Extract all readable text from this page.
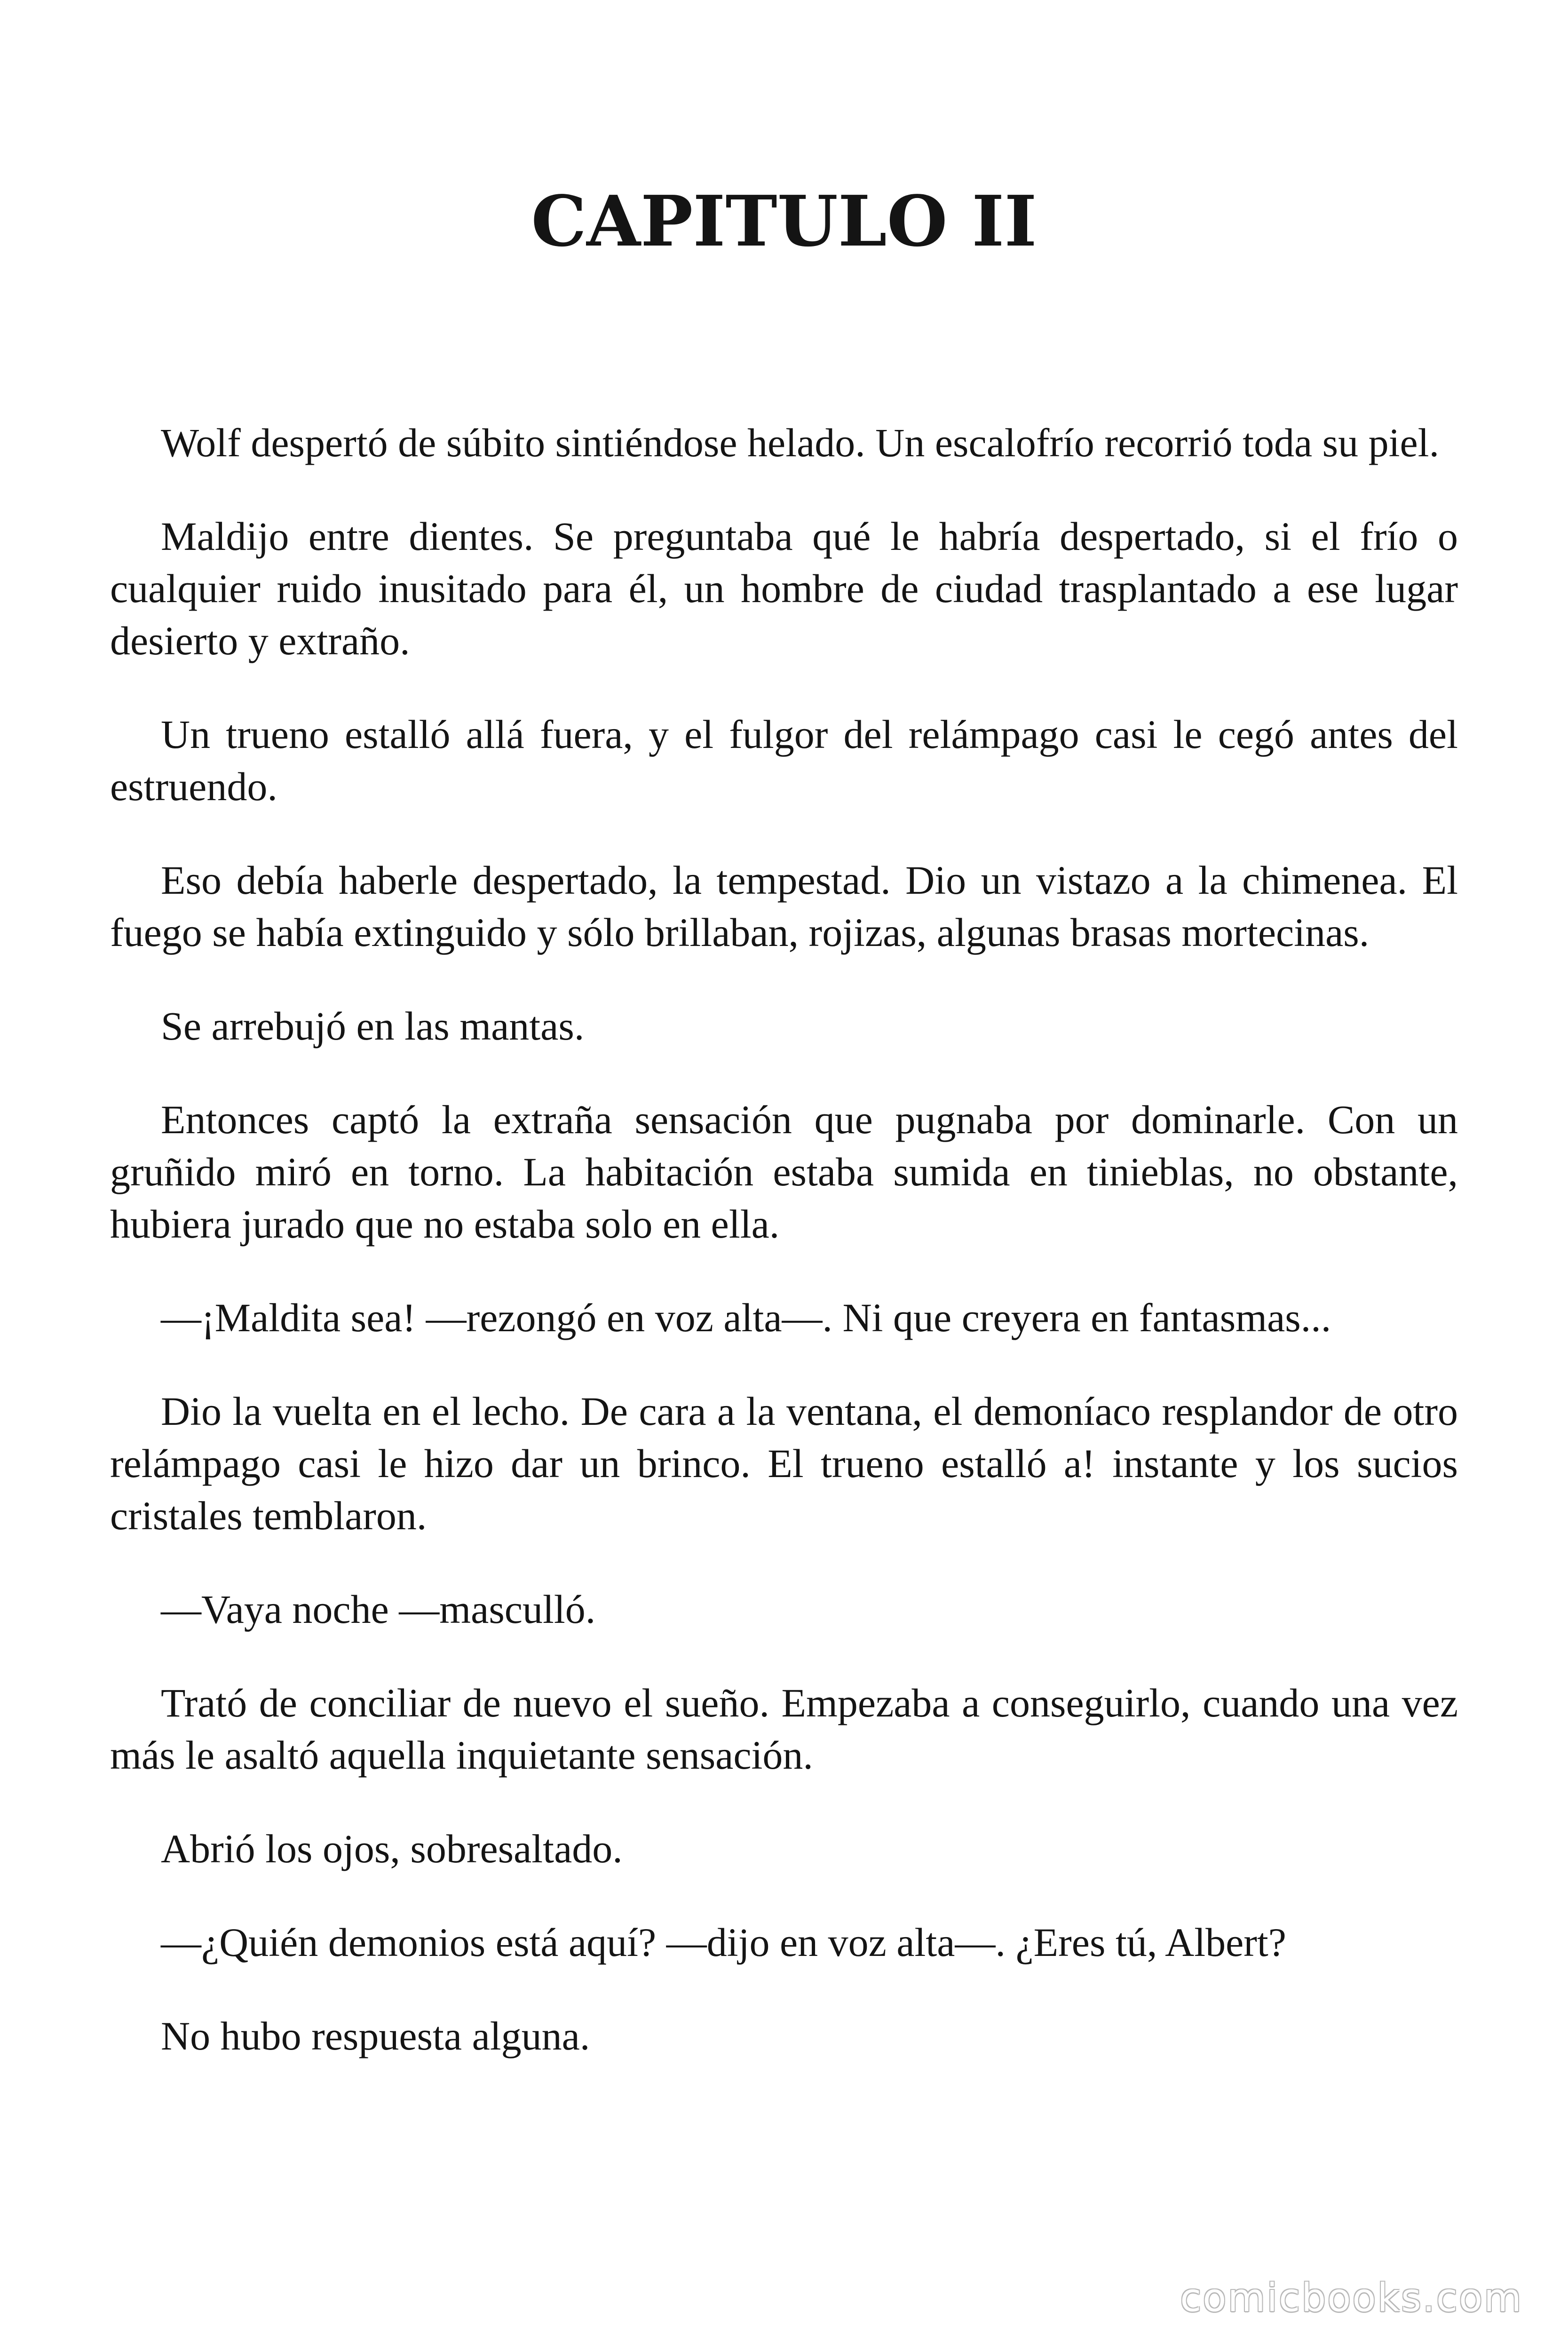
CAPITULO II

Wolf despertó de súbito sintiéndose helado. Un escalofrío recorrió toda su piel.

Maldijo entre dientes. Se preguntaba qué le habría despertado, si el frío o cualquier ruido inusitado para él, un hombre de ciudad trasplantado a ese lugar desierto y extraño.

Un trueno estalló allá fuera, y el fulgor del relámpago casi le cegó antes del estruendo.

Eso debía haberle despertado, la tempestad. Dio un vistazo a la chimenea. El fuego se había extinguido y sólo brillaban, rojizas, algunas brasas mortecinas.

Se arrebujó en las mantas.

Entonces captó la extraña sensación que pugnaba por dominarle. Con un gruñido miró en torno. La habitación estaba sumida en tinieblas, no obstante, hubiera jurado que no estaba solo en ella.

—¡Maldita sea! —rezongó en voz alta—. Ni que creyera en fantasmas...

Dio la vuelta en el lecho. De cara a la ventana, el demoníaco resplandor de otro relámpago casi le hizo dar un brinco. El trueno estalló a! instante y los sucios cristales temblaron.

—Vaya noche —masculló.

Trató de conciliar de nuevo el sueño. Empezaba a conseguirlo, cuando una vez más le asaltó aquella inquietante sensación.

Abrió los ojos, sobresaltado.

—¿Quién demonios está aquí? —dijo en voz alta—. ¿Eres tú, Albert?

No hubo respuesta alguna.

comicbooks.com
